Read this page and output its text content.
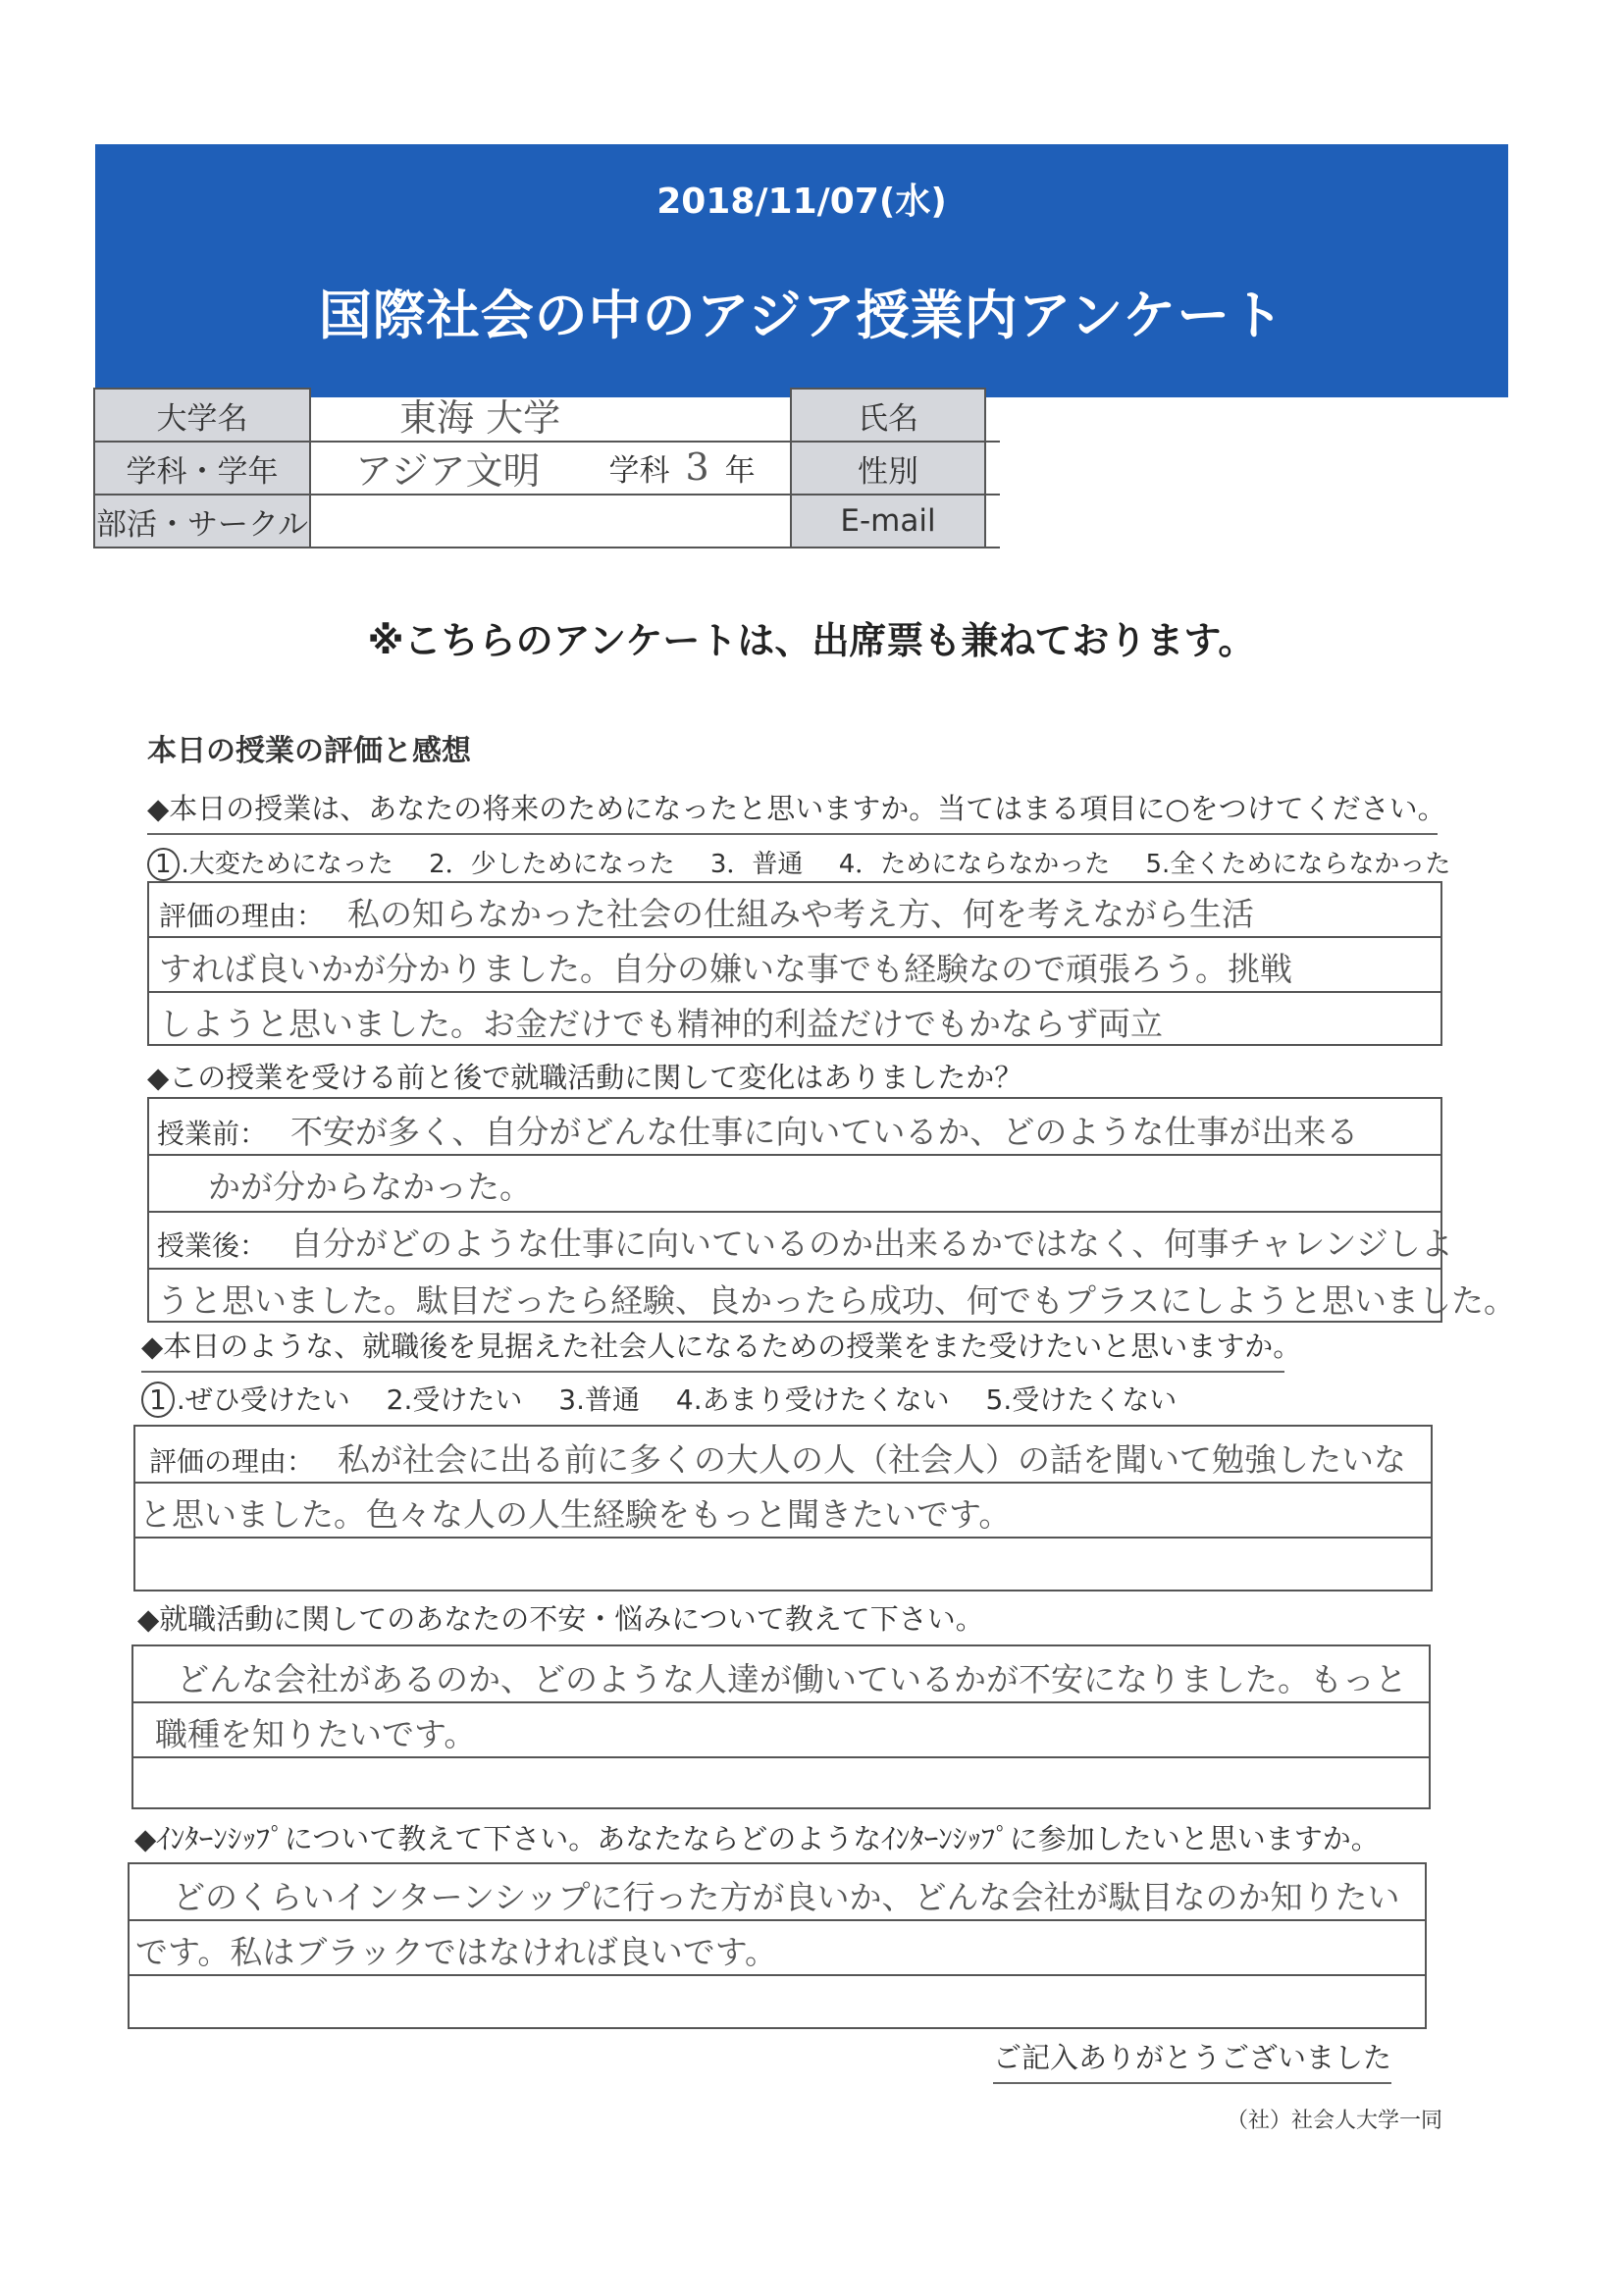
2018/11/07(水)
国際社会の中のアジア授業内アンケート
大学名	東海 大学
学科・学年	アジア文明 学科 3 年
部活・サークル
氏名
性別
E-mail
※こちらのアンケートは、出席票も兼ねております。
本日の授業の評価と感想
◆本日の授業は、あなたの将来のためになったと思いますか。当てはまる項目に○をつけてください。
1 .大変ためになった 2．少しためになった 3．普通 4．ためにならなかった 5.全くためにならなかった
評価の理由： 私の知らなかった社会の仕組みや考え方、何を考えながら生活
すれば良いかが分かりました。自分の嫌いな事でも経験なので頑張ろう。挑戦
しようと思いました。お金だけでも精神的利益だけでもかならず両立
◆この授業を受ける前と後で就職活動に関して変化はありましたか？
授業前： 不安が多く、自分がどんな仕事に向いているか、どのような仕事が出来る
かが分からなかった。
授業後： 自分がどのような仕事に向いているのか出来るかではなく、何事チャレンジしよ
うと思いました。駄目だったら経験、良かったら成功、何でもプラスにしようと思いました。
◆本日のような、就職後を見据えた社会人になるための授業をまた受けたいと思いますか。
1 .ぜひ受けたい 2.受けたい 3.普通 4.あまり受けたくない 5.受けたくない
評価の理由： 私が社会に出る前に多くの大人の人（社会人）の話を聞いて勉強したいな
と思いました。色々な人の人生経験をもっと聞きたいです。
◆就職活動に関してのあなたの不安・悩みについて教えて下さい。
どんな会社があるのか、どのような人達が働いているかが不安になりました。もっと
職種を知りたいです。
◆ｲﾝﾀｰﾝｼｯﾌﾟについて教えて下さい。あなたならどのようなｲﾝﾀｰﾝｼｯﾌﾟに参加したいと思いますか。
どのくらいインターンシップに行った方が良いか、どんな会社が駄目なのか知りたい
です。私はブラックではなければ良いです。
ご記入ありがとうございました
（社）社会人大学一同
